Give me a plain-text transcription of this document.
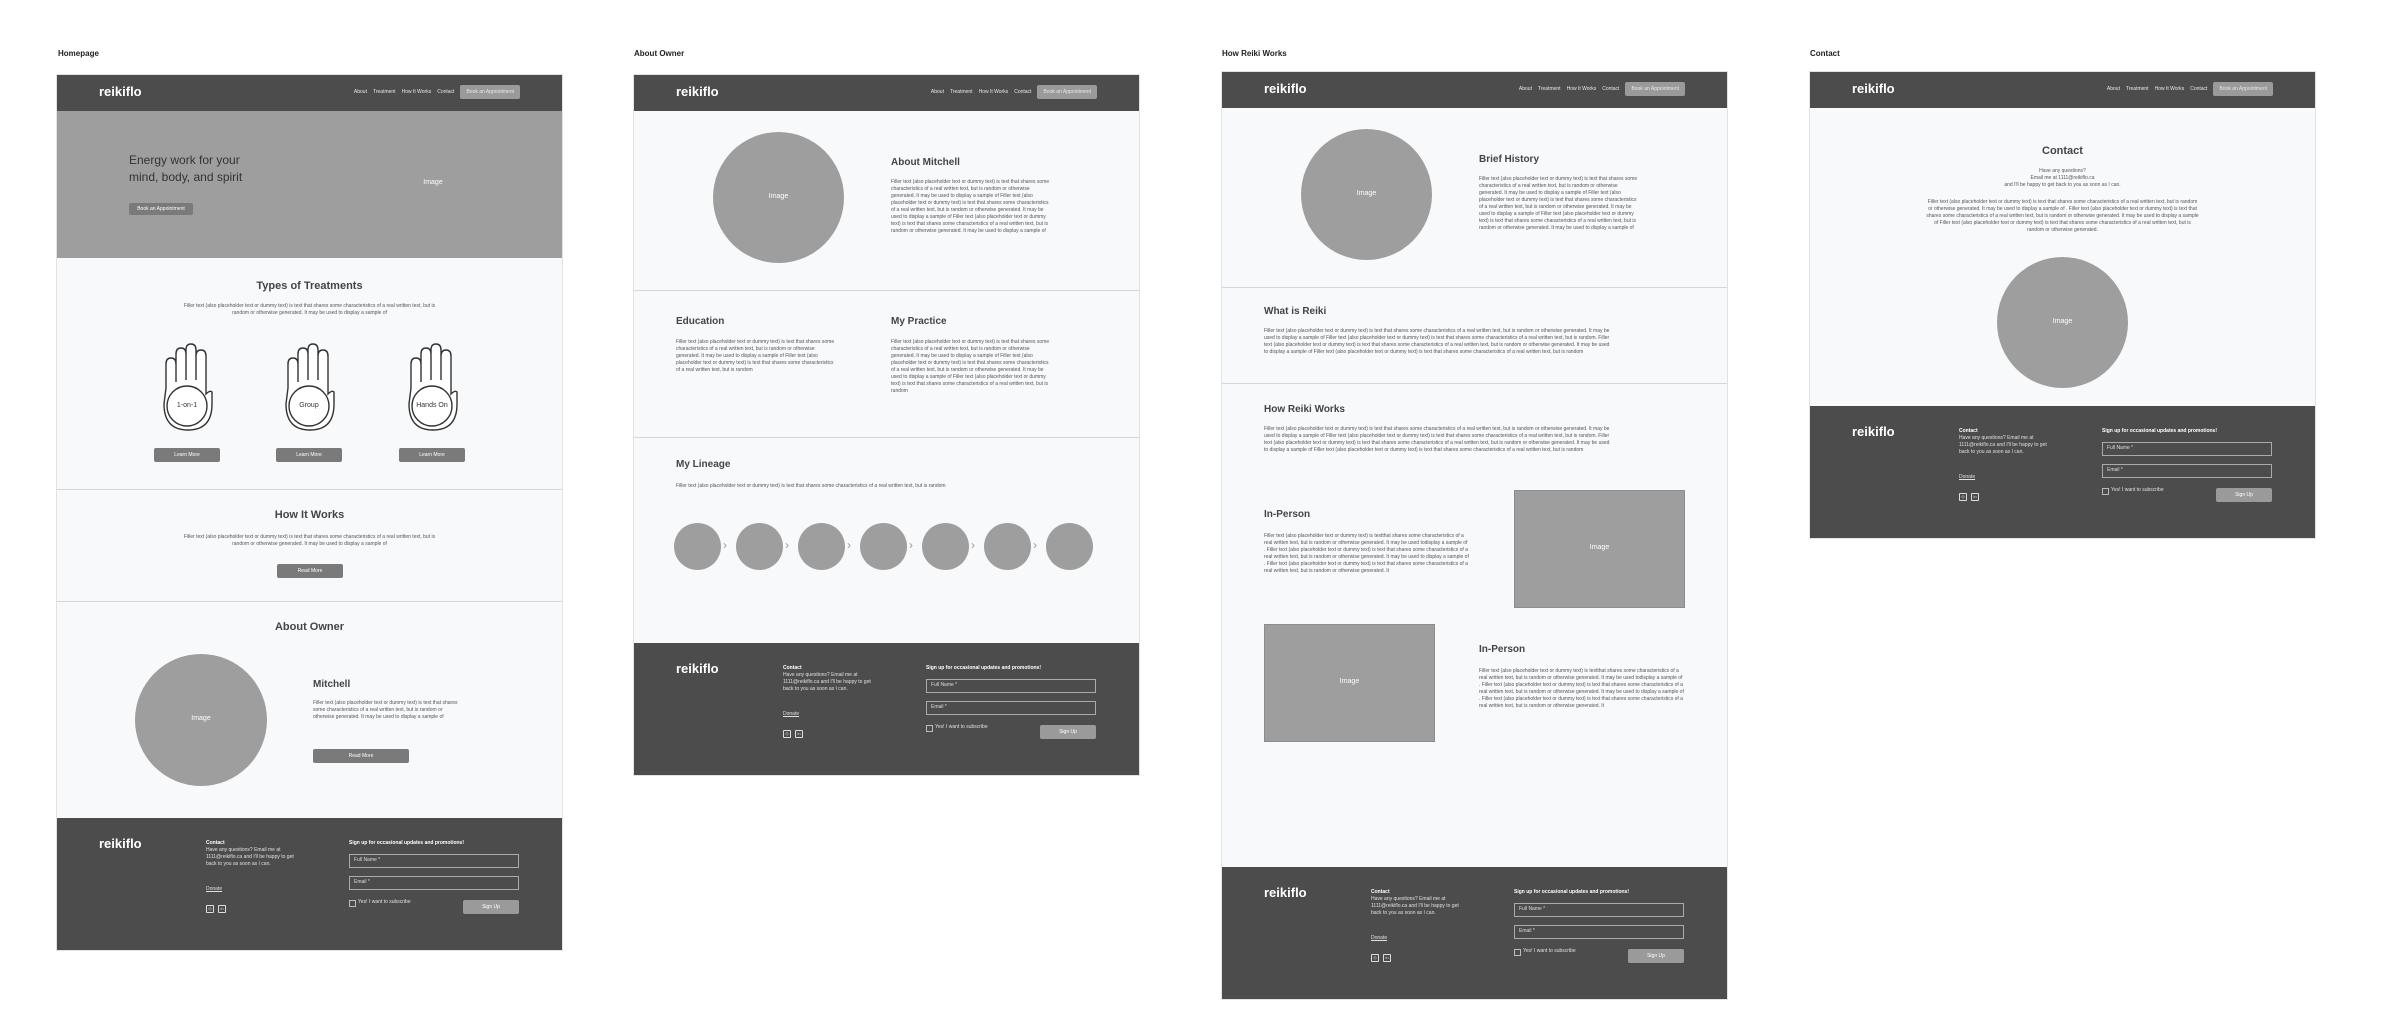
Homepage	About Owner	How Reiki Works	Contact
reikiflo	About Treatment How It Works Contact	Book an Appointment
Energy work for your
mind, body, and spirit
Book an Appointment
Image
Types of Treatments
Filler text (also placeholder text or dummy text) is text that shares some characteristics of a real written text, but is random or otherwise generated. It may be used to display a sample of
1-on-1
Learn More
Group
Learn More
Hands On
Learn More
How It Works
Filler text (also placeholder text or dummy text) is text that shares some characteristics of a real written text, but is random or otherwise generated. It may be used to display a sample of
Read More
About Owner
Image
Mitchell
Filler text (also placeholder text or dummy text) is text that shares some characteristics of a real written text, but is random or otherwise generated. It may be used to display a sample of
Read More
reikiflo	Contact
Have any questions? Email me at 1111@reikiflo.ca and I'll be happy to get back to you as soon as I can.
Donate
◎	in
Sign up for occasional updates and promotions!
Full Name *
Email *
Yes! I want to subscribe
Sign Up
reikiflo	About Treatment How It Works Contact	Book an Appointment
Image
About Mitchell
Filler text (also placeholder text or dummy text) is text that shares some characteristics of a real written text, but is random or otherwise generated. It may be used to display a sample of Filler text (also placeholder text or dummy text) is text that shares some characteristics of a real written text, but is random or otherwise generated. It may be used to display a sample of Filler text (also placeholder text or dummy text) is text that shares some characteristics of a real written text, but is random or otherwise generated. It may be used to display a sample of
Education
Filler text (also placeholder text or dummy text) is text that shares some characteristics of a real written text, but is random or otherwise generated. It may be used to display a sample of Filler text (also placeholder text or dummy text) is text that shares some characteristics of a real written text, but is random
My Practice
Filler text (also placeholder text or dummy text) is text that shares some characteristics of a real written text, but is random or otherwise generated. It may be used to display a sample of Filler text (also placeholder text or dummy text) is text that shares some characteristics of a real written text, but is random or otherwise generated. It may be used to display a sample of Filler text (also placeholder text or dummy text) is text that shares some characteristics of a real written text, but is random
My Lineage
Filler text (also placeholder text or dummy text) is text that shares some characteristics of a real written text, but is random
›	›	›	›	›	›
reikiflo	Contact
Have any questions? Email me at 1111@reikiflo.ca and I'll be happy to get back to you as soon as I can.
Donate
◎	in
Sign up for occasional updates and promotions!
Full Name *
Email *
Yes! I want to subscribe
Sign Up
reikiflo	About Treatment How It Works Contact	Book an Appointment
Image
Brief History
Filler text (also placeholder text or dummy text) is text that shares some characteristics of a real written text, but is random or otherwise generated. It may be used to display a sample of Filler text (also placeholder text or dummy text) is text that shares some characteristics of a real written text, but is random or otherwise generated. It may be used to display a sample of Filler text (also placeholder text or dummy text) is text that shares some characteristics of a real written text, but is random or otherwise generated. It may be used to display a sample of
What is Reiki
Filler text (also placeholder text or dummy text) is text that shares some characteristics of a real written text, but is random or otherwise generated. It may be used to display a sample of Filler text (also placeholder text or dummy text) is text that shares some characteristics of a real written text, but is random. Filler text (also placeholder text or dummy text) is text that shares some characteristics of a real written text, but is random or otherwise generated. It may be used to display a sample of Filler text (also placeholder text or dummy text) is text that shares some characteristics of a real written text, but is random
How Reiki Works
Filler text (also placeholder text or dummy text) is text that shares some characteristics of a real written text, but is random or otherwise generated. It may be used to display a sample of Filler text (also placeholder text or dummy text) is text that shares some characteristics of a real written text, but is random. Filler text (also placeholder text or dummy text) is text that shares some characteristics of a real written text, but is random or otherwise generated. It may be used to display a sample of Filler text (also placeholder text or dummy text) is text that shares some characteristics of a real written text, but is random
In-Person
Filler text (also placeholder text or dummy text) is textthat shares some characteristics of a real written text, but is random or otherwise generated. It may be used todisplay a sample of . Filler text (also placeholder text or dummy text) is text that shares some characteristics of a real written text, but is random or otherwise generated. It may be used to display a sample of . Filler text (also placeholder text or dummy text) is text that shares some characteristics of a real written text, but is random or otherwise generated. It
Image
Image
In-Person
Filler text (also placeholder text or dummy text) is textthat shares some characteristics of a real written text, but is random or otherwise generated. It may be used todisplay a sample of . Filler text (also placeholder text or dummy text) is text that shares some characteristics of a real written text, but is random or otherwise generated. It may be used to display a sample of . Filler text (also placeholder text or dummy text) is text that shares some characteristics of a real written text, but is random or otherwise generated. It
reikiflo	Contact
Have any questions? Email me at 1111@reikiflo.ca and I'll be happy to get back to you as soon as I can.
Donate
◎	in
Sign up for occasional updates and promotions!
Full Name *
Email *
Yes! I want to subscribe
Sign Up
reikiflo	About Treatment How It Works Contact	Book an Appointment
Contact
Have any questions?
Email me at 1111@reikiflo.ca
and I'll be happy to get back to you as soon as I can.
Filler text (also placeholder text or dummy text) is text that shares some characteristics of a real written text, but is random or otherwise generated. It may be used to display a sample of . Filler text (also placeholder text or dummy text) is text that shares some characteristics of a real written text, but is random or otherwise generated. It may be used to display a sample of Filler text (also placeholder text or dummy text) is text that shares some characteristics of a real written text, but is random or otherwise generated.
Image
reikiflo	Contact
Have any questions? Email me at 1111@reikiflo.ca and I'll be happy to get back to you as soon as I can.
Donate
◎	in
Sign up for occasional updates and promotions!
Full Name *
Email *
Yes! I want to subscribe
Sign Up
